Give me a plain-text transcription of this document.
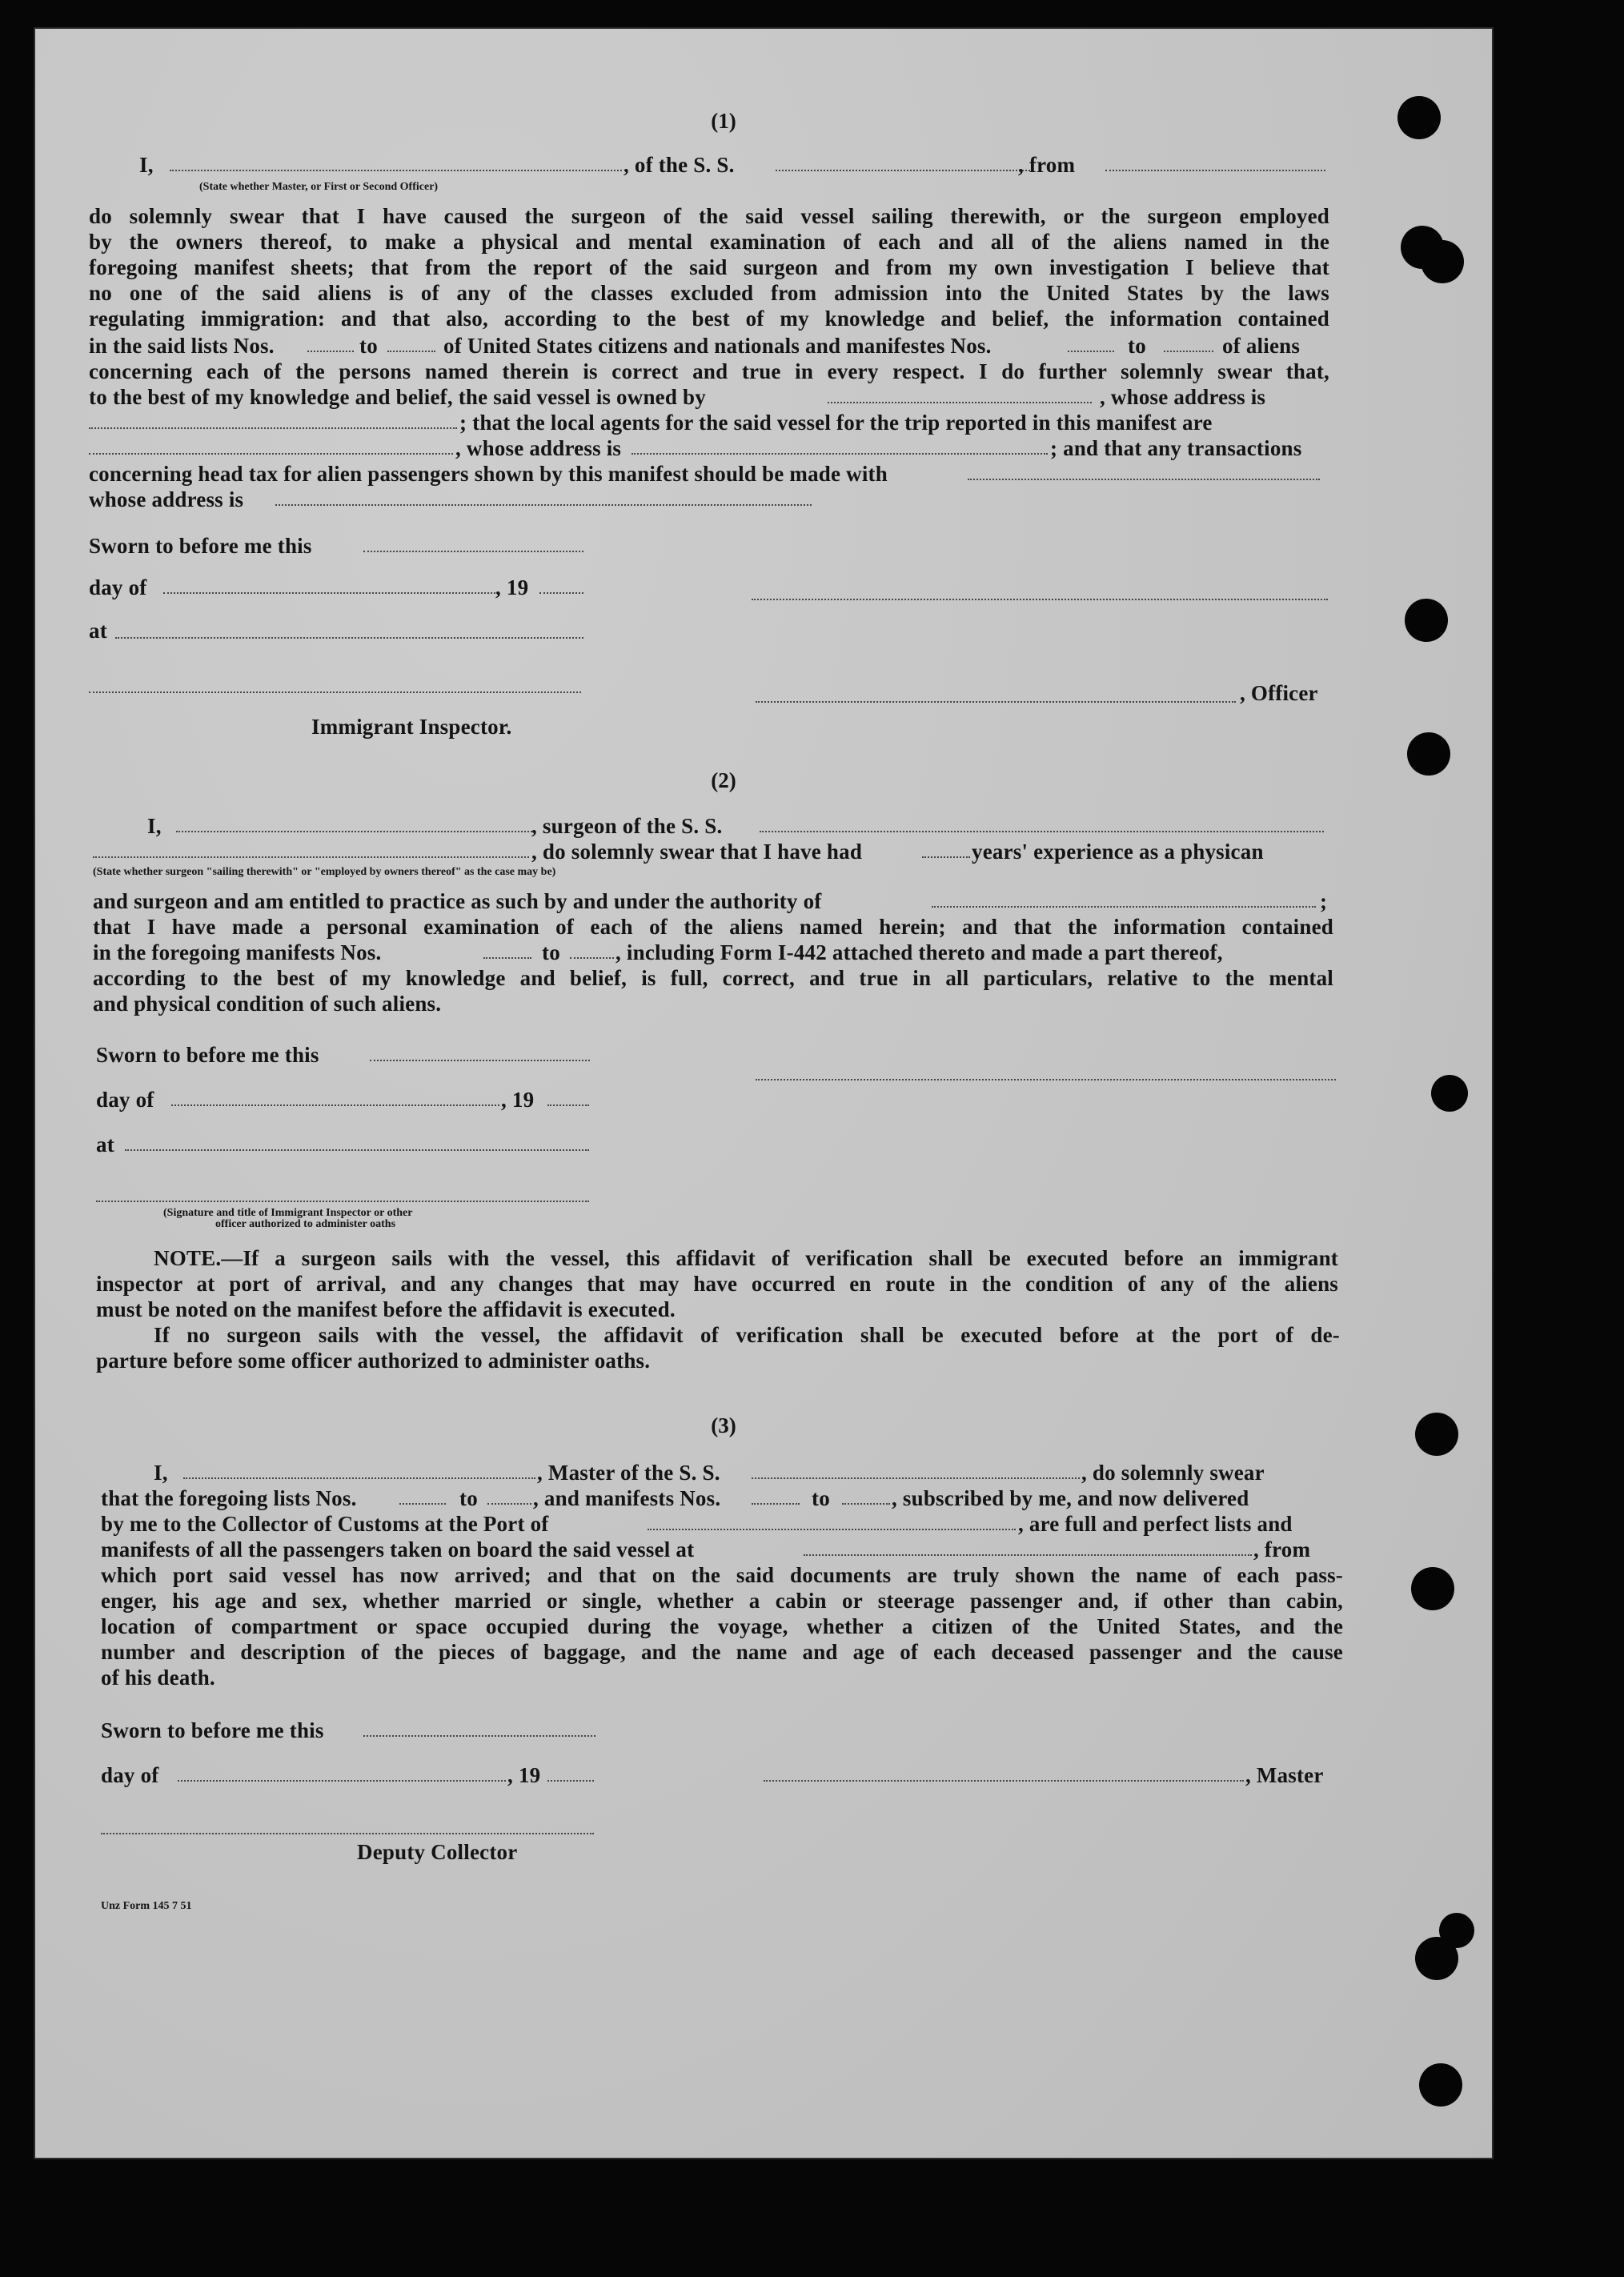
(1)
I,	, of the S. S.	, from
(State whether Master, or First or Second Officer)
do solemnly swear that I have caused the surgeon of the said vessel sailing therewith, or the surgeon employed
by the owners thereof, to make a physical and mental examination of each and all of the aliens named in the
foregoing manifest sheets; that from the report of the said surgeon and from my own investigation I believe that
no one of the said aliens is of any of the classes excluded from admission into the United States by the laws
regulating immigration: and that also, according to the best of my knowledge and belief, the information contained
in the said lists Nos.	to	of United States citizens and nationals and manifestes Nos.	to	of aliens
concerning each of the persons named therein is correct and true in every respect. I do further solemnly swear that,
to the best of my knowledge and belief, the said vessel is owned by	, whose address is
; that the local agents for the said vessel for the trip reported in this manifest are
, whose address is	; and that any transactions
concerning head tax for alien passengers shown by this manifest should be made with
whose address is
Sworn to before me this
day of	, 19
at
, Officer
Immigrant Inspector.
(2)
I,	, surgeon of the S. S.
, do solemnly swear that I have had	years' experience as a physican
(State whether surgeon "sailing therewith" or "employed by owners thereof" as the case may be)
and surgeon and am entitled to practice as such by and under the authority of	;
that I have made a personal examination of each of the aliens named herein; and that the information contained
in the foregoing manifests Nos.	to	, including Form I-442 attached thereto and made a part thereof,
according to the best of my knowledge and belief, is full, correct, and true in all particulars, relative to the mental
and physical condition of such aliens.
Sworn to before me this
day of	, 19
at
(Signature and title of Immigrant Inspector or other
officer authorized to administer oaths
NOTE.—If a surgeon sails with the vessel, this affidavit of verification shall be executed before an immigrant
inspector at port of arrival, and any changes that may have occurred en route in the condition of any of the aliens
must be noted on the manifest before the affidavit is executed.
If no surgeon sails with the vessel, the affidavit of verification shall be executed before at the port of de-
parture before some officer authorized to administer oaths.
(3)
I,	, Master of the S. S.	, do solemnly swear
that the foregoing lists Nos.	to	, and manifests Nos.	to	, subscribed by me, and now delivered
by me to the Collector of Customs at the Port of	, are full and perfect lists and
manifests of all the passengers taken on board the said vessel at	, from
which port said vessel has now arrived; and that on the said documents are truly shown the name of each pass-
enger, his age and sex, whether married or single, whether a cabin or steerage passenger and, if other than cabin,
location of compartment or space occupied during the voyage, whether a citizen of the United States, and the
number and description of the pieces of baggage, and the name and age of each deceased passenger and the cause
of his death.
Sworn to before me this
day of	, 19	, Master
Deputy Collector
Unz Form 145 7 51
